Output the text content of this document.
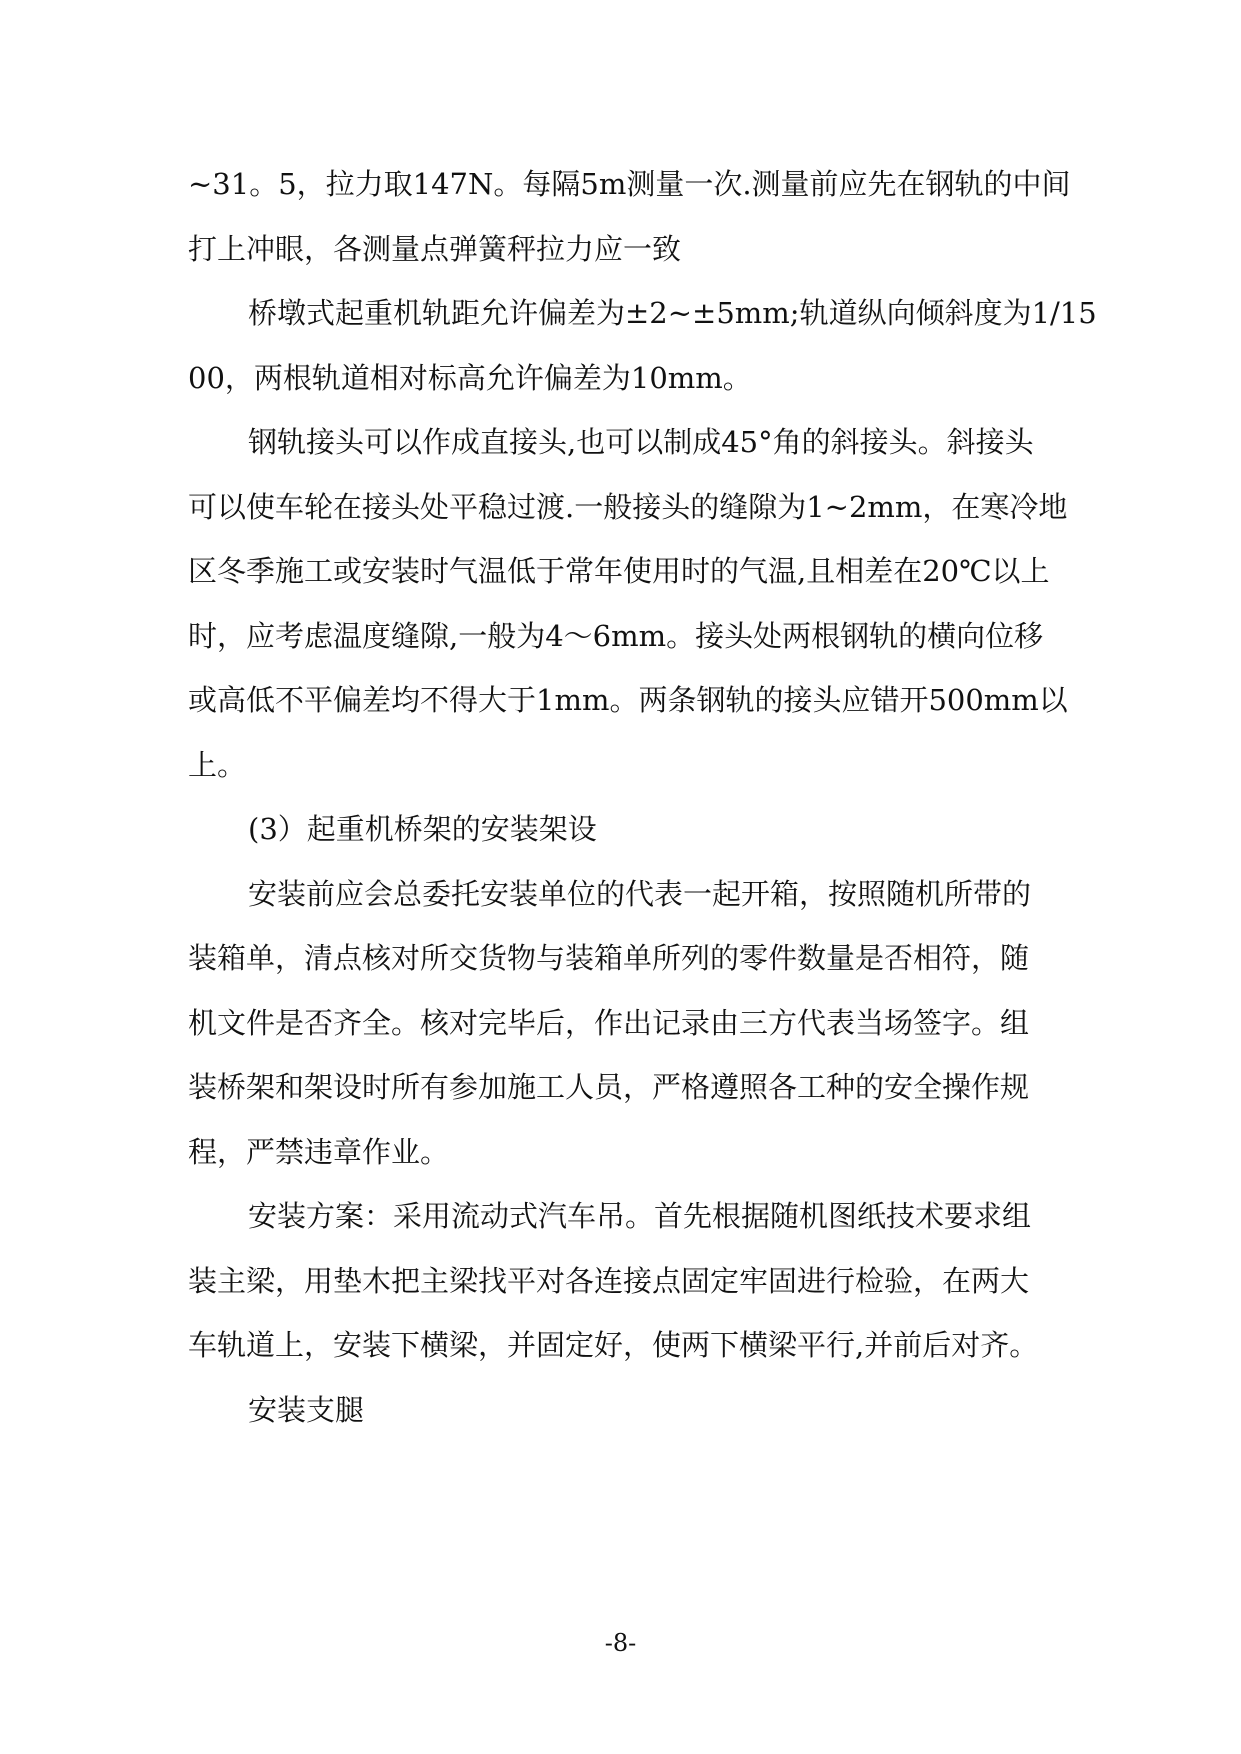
~31。5，拉力取147N。每隔5m测量一次.测量前应先在钢轨的中间
打上冲眼，各测量点弹簧秤拉力应一致
桥墩式起重机轨距允许偏差为±2~±5mm;轨道纵向倾斜度为1/15
00，两根轨道相对标高允许偏差为10mm。
钢轨接头可以作成直接头,也可以制成45°角的斜接头。斜接头
可以使车轮在接头处平稳过渡.一般接头的缝隙为1~2mm，在寒冷地
区冬季施工或安装时气温低于常年使用时的气温,且相差在20℃以上
时，应考虑温度缝隙,一般为4～6mm。接头处两根钢轨的横向位移
或高低不平偏差均不得大于1mm。两条钢轨的接头应错开500mm以
上。
(3）起重机桥架的安装架设
安装前应会总委托安装单位的代表一起开箱，按照随机所带的
装箱单，清点核对所交货物与装箱单所列的零件数量是否相符，随
机文件是否齐全。核对完毕后，作出记录由三方代表当场签字。组
装桥架和架设时所有参加施工人员，严格遵照各工种的安全操作规
程，严禁违章作业。
安装方案：采用流动式汽车吊。首先根据随机图纸技术要求组
装主梁，用垫木把主梁找平对各连接点固定牢固进行检验，在两大
车轨道上，安装下横梁，并固定好，使两下横梁平行,并前后对齐。
安装支腿
-8-
